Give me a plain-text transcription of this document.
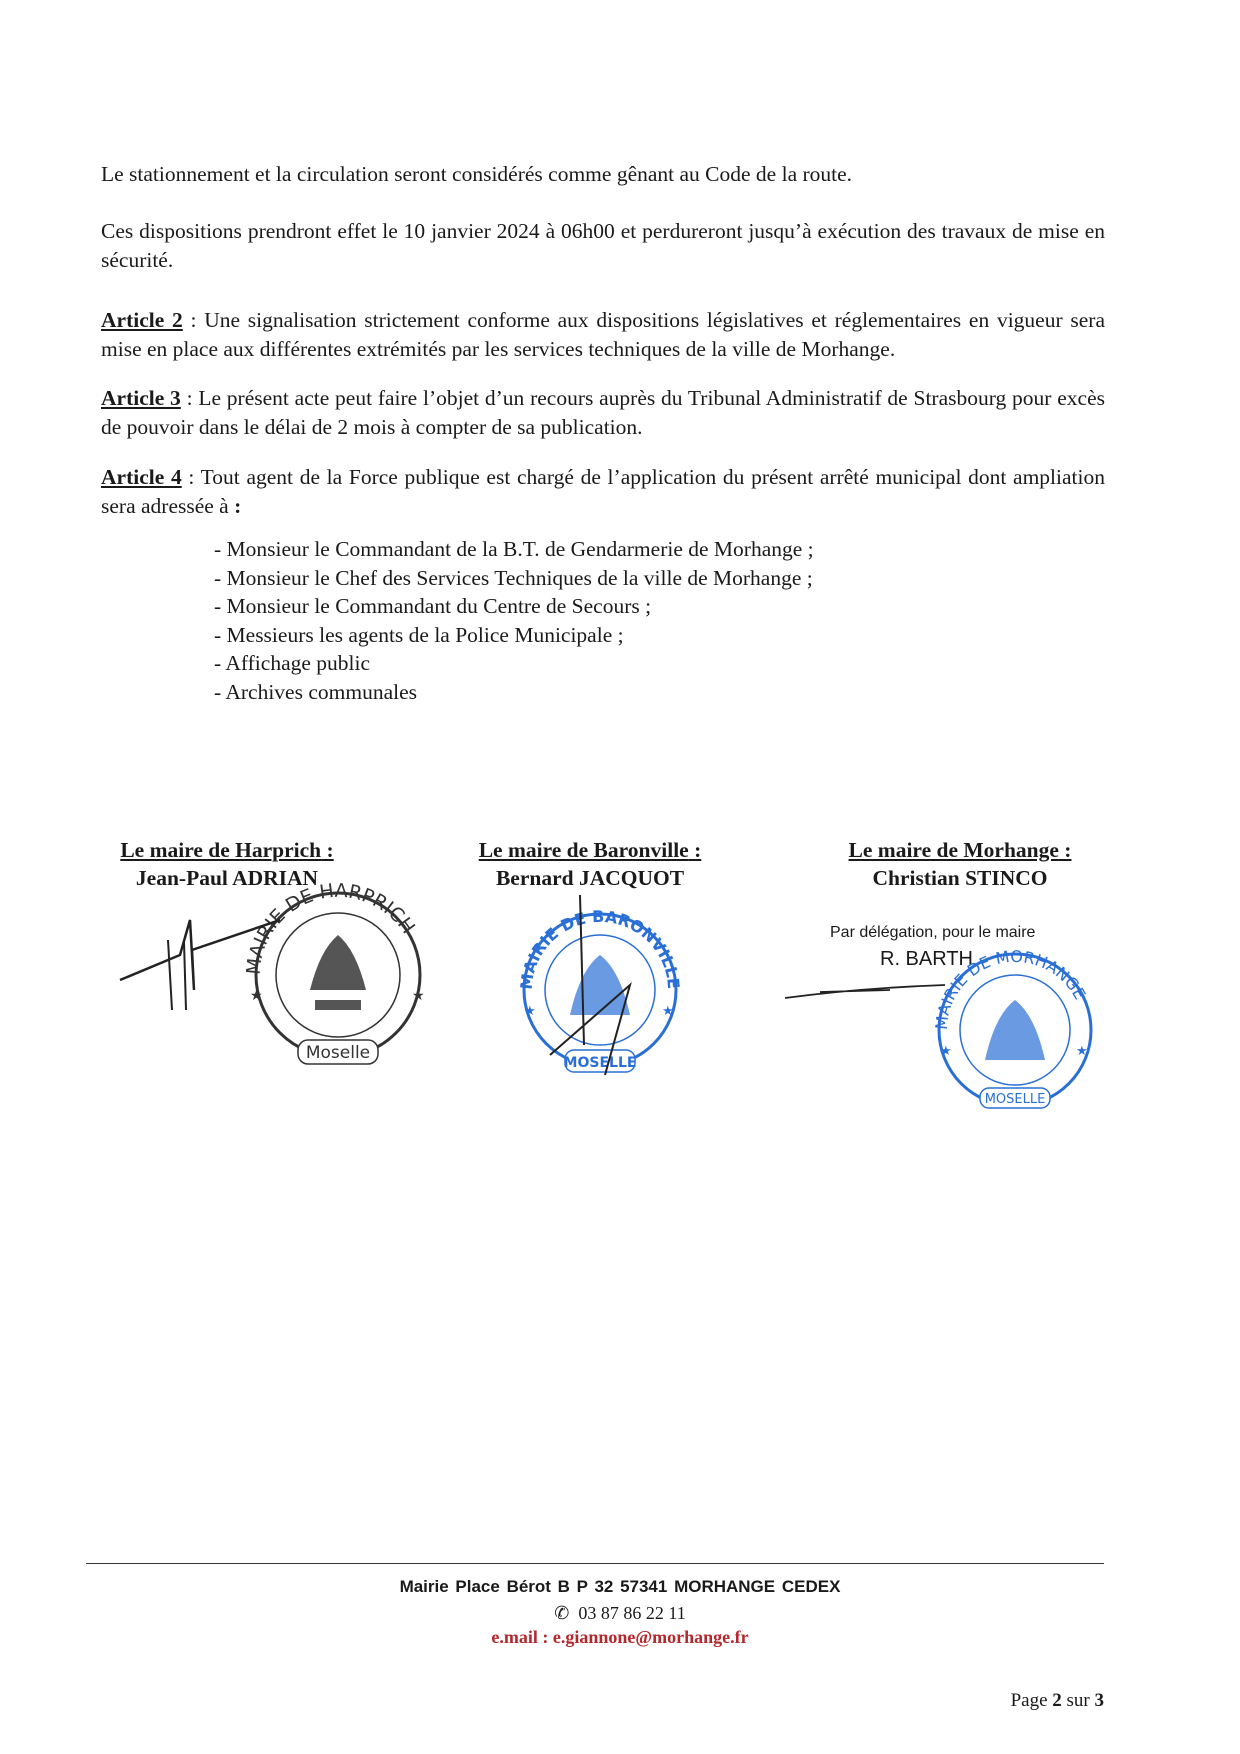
Le stationnement et la circulation seront considérés comme gênant au Code de la route.

Ces dispositions prendront effet le 10 janvier 2024 à 06h00 et perdureront jusqu’à exécution des travaux de mise en sécurité.

Article 2 : Une signalisation strictement conforme aux dispositions législatives et réglementaires en vigueur sera mise en place aux différentes extrémités par les services techniques de la ville de Morhange.

Article 3 : Le présent acte peut faire l’objet d’un recours auprès du Tribunal Administratif de Strasbourg pour excès de pouvoir dans le délai de 2 mois à compter de sa publication.

Article 4 : Tout agent de la Force publique est chargé de l’application du présent arrêté municipal dont ampliation sera adressée à :

- Monsieur le Commandant de la B.T. de Gendarmerie de Morhange ;
- Monsieur le Chef des Services Techniques de la ville de Morhange ;
- Monsieur le Commandant du Centre de Secours ;
- Messieurs les agents de la Police Municipale ;
- Affichage public
- Archives communales
Le maire de Harprich :
Jean-Paul ADRIAN
MAIRIE DE HARPRICH
Moselle
★	★
Le maire de Baronville :
Bernard JACQUOT
MAIRIE DE BARONVILLE
MOSELLE
★	★
Le maire de Morhange :
Christian STINCO
Par délégation, pour le maire
R. BARTH
MAIRIE DE MORHANGE
MOSELLE
★	★
Mairie Place Bérot B P 32 57341 MORHANGE CEDEX
✆ 03 87 86 22 11
e.mail : e.giannone@morhange.fr
Page 2 sur 3
